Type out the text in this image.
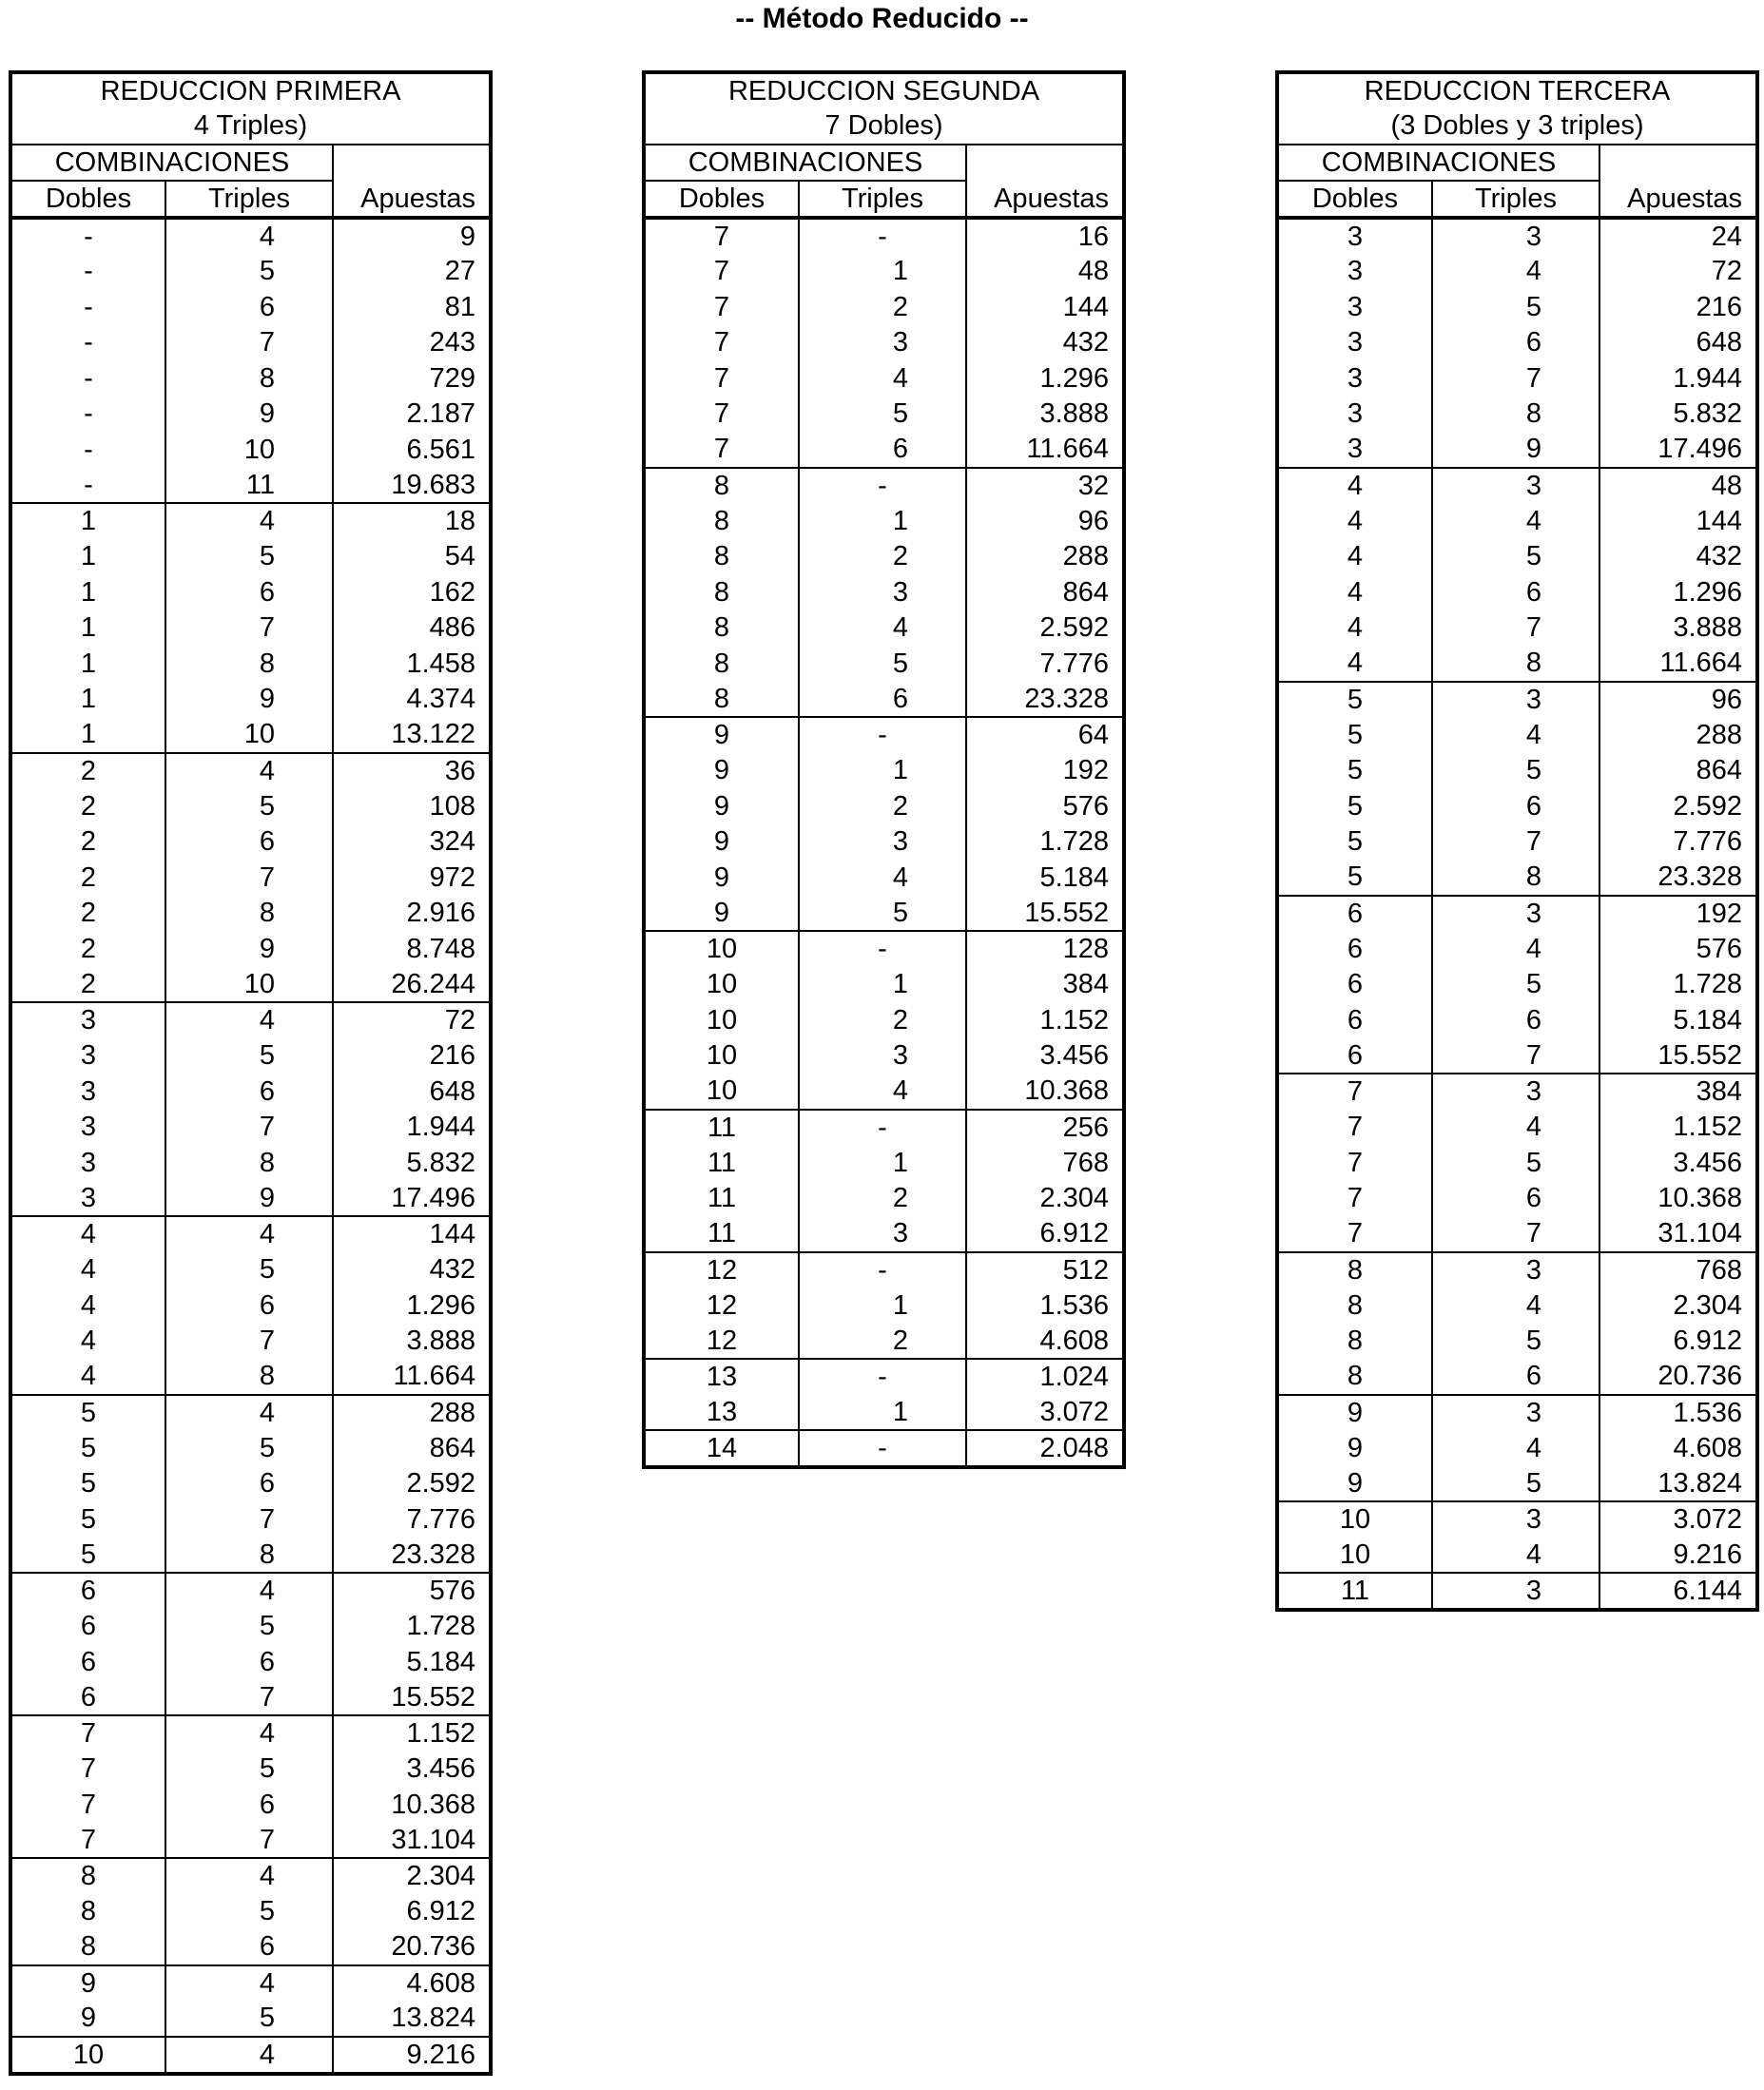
-- Método Reducido --
REDUCCION PRIMERA		
4 Triples)		
COMBINACIONES		Apuestas
Dobles	Triples	
-	4	9
-	5	27
-	6	81
-	7	243
-	8	729
-	9	2.187
-	10	6.561
-	11	19.683
1	4	18
1	5	54
1	6	162
1	7	486
1	8	1.458
1	9	4.374
1	10	13.122
2	4	36
2	5	108
2	6	324
2	7	972
2	8	2.916
2	9	8.748
2	10	26.244
3	4	72
3	5	216
3	6	648
3	7	1.944
3	8	5.832
3	9	17.496
4	4	144
4	5	432
4	6	1.296
4	7	3.888
4	8	11.664
5	4	288
5	5	864
5	6	2.592
5	7	7.776
5	8	23.328
6	4	576
6	5	1.728
6	6	5.184
6	7	15.552
7	4	1.152
7	5	3.456
7	6	10.368
7	7	31.104
8	4	2.304
8	5	6.912
8	6	20.736
9	4	4.608
9	5	13.824
10	4	9.216
REDUCCION SEGUNDA		
7 Dobles)		
COMBINACIONES		Apuestas
Dobles	Triples	
7	-	16
7	1	48
7	2	144
7	3	432
7	4	1.296
7	5	3.888
7	6	11.664
8	-	32
8	1	96
8	2	288
8	3	864
8	4	2.592
8	5	7.776
8	6	23.328
9	-	64
9	1	192
9	2	576
9	3	1.728
9	4	5.184
9	5	15.552
10	-	128
10	1	384
10	2	1.152
10	3	3.456
10	4	10.368
11	-	256
11	1	768
11	2	2.304
11	3	6.912
12	-	512
12	1	1.536
12	2	4.608
13	-	1.024
13	1	3.072
14	-	2.048
REDUCCION TERCERA		
(3 Dobles y 3 triples)		
COMBINACIONES		Apuestas
Dobles	Triples	
3	3	24
3	4	72
3	5	216
3	6	648
3	7	1.944
3	8	5.832
3	9	17.496
4	3	48
4	4	144
4	5	432
4	6	1.296
4	7	3.888
4	8	11.664
5	3	96
5	4	288
5	5	864
5	6	2.592
5	7	7.776
5	8	23.328
6	3	192
6	4	576
6	5	1.728
6	6	5.184
6	7	15.552
7	3	384
7	4	1.152
7	5	3.456
7	6	10.368
7	7	31.104
8	3	768
8	4	2.304
8	5	6.912
8	6	20.736
9	3	1.536
9	4	4.608
9	5	13.824
10	3	3.072
10	4	9.216
11	3	6.144
